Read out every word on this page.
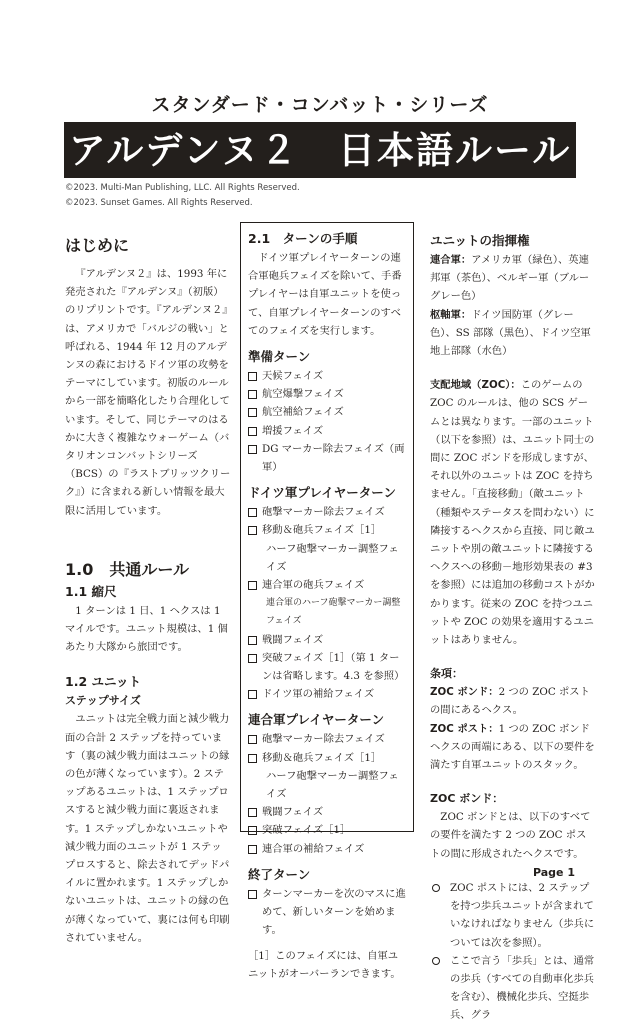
スタンダード・コンバット・シリーズ
アルデンヌ２　日本語ルール
©2023. Multi-Man Publishing, LLC. All Rights Reserved.
©2023. Sunset Games. All Rights Reserved.
はじめに

『アルデンヌ２』は、1993 年に発売された『アルデンヌ』（初版）のリプリントです。『アルデンヌ２』は、アメリカで「バルジの戦い」と呼ばれる、1944 年 12 月のアルデンヌの森におけるドイツ軍の攻勢をテーマにしています。初版のルールから一部を簡略化したり合理化しています。そして、同じテーマのはるかに大きく複雑なウォーゲーム（バタリオンコンバットシリーズ（BCS）の『ラストブリッツクリーク』）に含まれる新しい情報を最大限に活用しています。

1.0　共通ルール
1.1 縮尺

1 ターンは 1 日、1 ヘクスは 1 マイルです。ユニット規模は、1 個あたり大隊から旅団です。

1.2 ユニット
ステップサイズ

ユニットは完全戦力面と減少戦力面の合計 2 ステップを持っています（裏の減少戦力面はユニットの縁の色が薄くなっています）。2 ステップあるユニットは、1 ステップロスすると減少戦力面に裏返されます。1 ステップしかないユニットや減少戦力面のユニットが 1 ステップロスすると、除去されてデッドパイルに置かれます。1 ステップしかないユニットは、ユニットの縁の色が薄くなっていて、裏には何も印刷されていません。

2.1　ターンの手順

ドイツ軍プレイヤーターンの連合軍砲兵フェイズを除いて、手番プレイヤーは自軍ユニットを使って、自軍プレイヤーターンのすべてのフェイズを実行します。

準備ターン
天候フェイズ
航空爆撃フェイズ
航空補給フェイズ
増援フェイズ
DG マーカー除去フェイズ（両軍）
ドイツ軍プレイヤーターン
砲撃マーカー除去フェイズ
移動＆砲兵フェイズ［1］
ハーフ砲撃マーカー調整フェイズ
連合軍の砲兵フェイズ
連合軍のハーフ砲撃マーカー調整フェイズ
戦闘フェイズ
突破フェイズ［1］（第 1 ターンは省略します。4.3 を参照）
ドイツ軍の補給フェイズ
連合軍プレイヤーターン
砲撃マーカー除去フェイズ
移動＆砲兵フェイズ［1］
ハーフ砲撃マーカー調整フェイズ
戦闘フェイズ
突破フェイズ［1］
連合軍の補給フェイズ
終了ターン
ターンマーカーを次のマスに進めて、新しいターンを始めます。

［1］このフェイズには、自軍ユニットがオーバーランできます。

ユニットの指揮権

連合軍：アメリカ軍（緑色）、英連邦軍（茶色）、ベルギー軍（ブルーグレー色）

枢軸軍：ドイツ国防軍（グレー色）、SS 部隊（黒色）、ドイツ空軍地上部隊（水色）

支配地域（ZOC）：このゲームの ZOC のルールは、他の SCS ゲームとは異なります。一部のユニット（以下を参照）は、ユニット同士の間に ZOC ボンドを形成しますが、それ以外のユニットは ZOC を持ちません。「直接移動」（敵ユニット（種類やステータスを問わない）に隣接するヘクスから直接、同じ敵ユニットや別の敵ユニットに隣接するヘクスへの移動－地形効果表の #3 を参照）には追加の移動コストがかかります。従来の ZOC を持つユニットや ZOC の効果を適用するユニットはありません。

条項：

ZOC ボンド：2 つの ZOC ポストの間にあるヘクス。

ZOC ポスト：1 つの ZOC ボンドヘクスの両端にある、以下の要件を満たす自軍ユニットのスタック。

ZOC ボンド：

ZOC ボンドとは、以下のすべての要件を満たす 2 つの ZOC ポストの間に形成されたヘクスです。

ZOC ポストには、2 ステップを持つ歩兵ユニットが含まれていなければなりません（歩兵については次を参照）。
ここで言う「歩兵」とは、通常の歩兵（すべての自動車化歩兵を含む）、機械化歩兵、空挺歩兵、グラ
Page 1
